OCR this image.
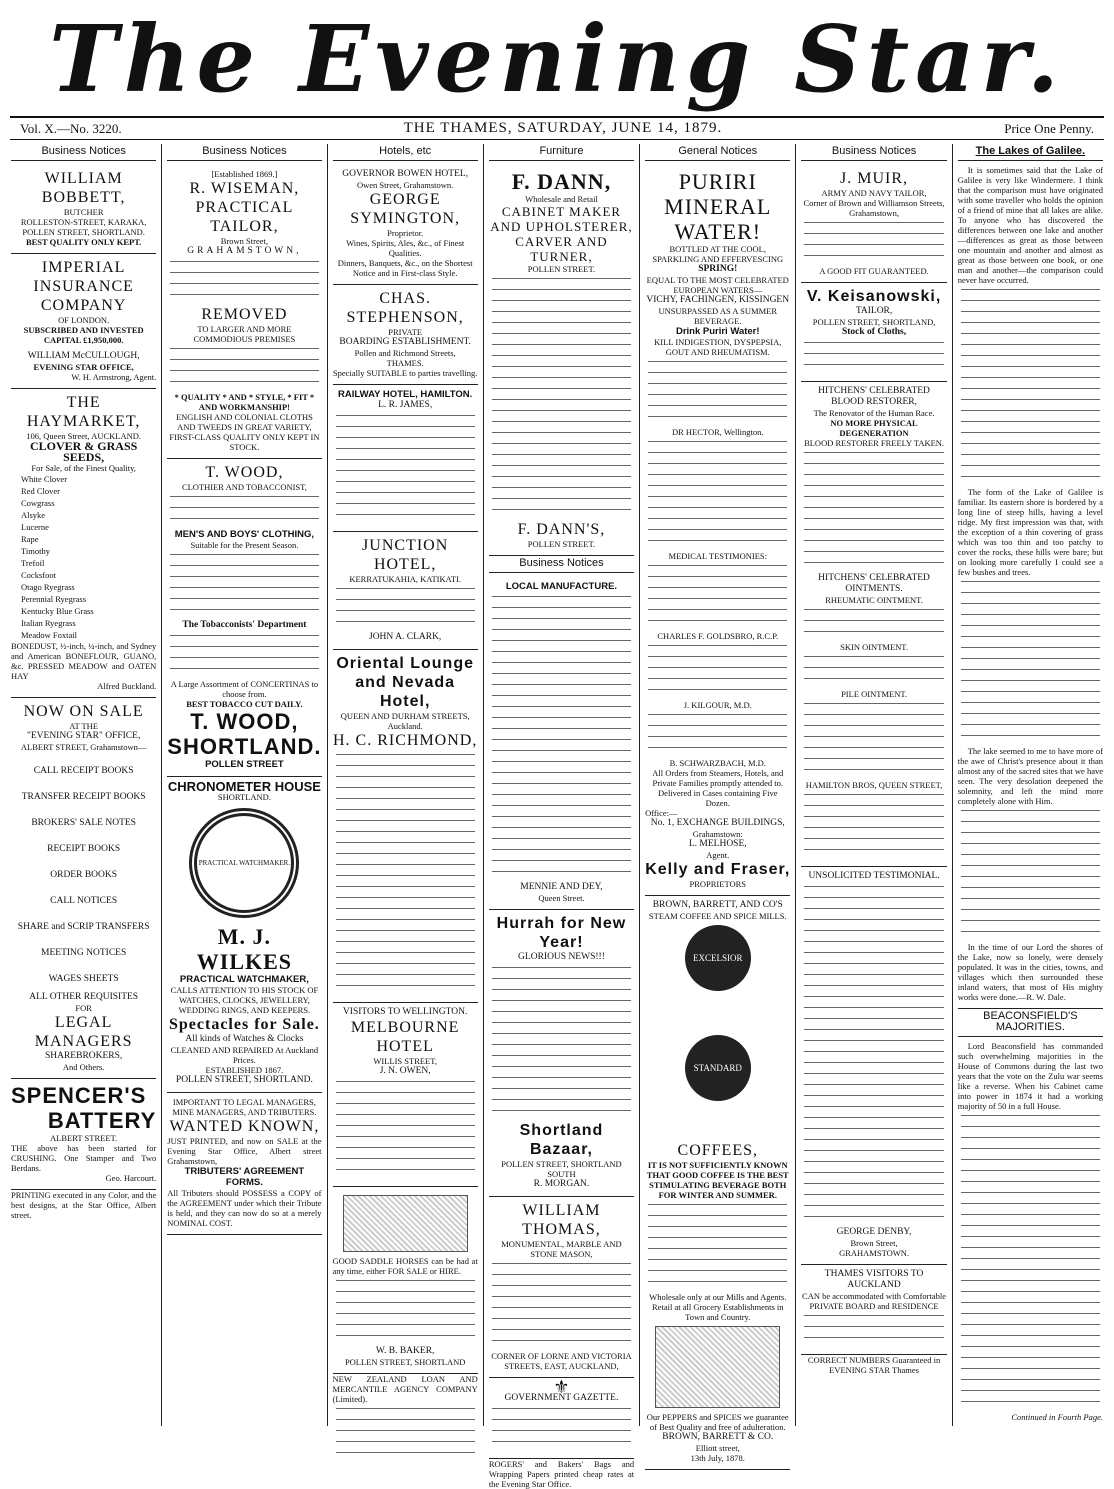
The Evening Star.
Vol. X.—No. 3220.	THE THAMES, SATURDAY, JUNE 14, 1879.	Price One Penny.
Business Notices
WILLIAM BOBBETT,
BUTCHER
ROLLESTON-STREET, KARAKA, POLLEN STREET, SHORTLAND.
BEST QUALITY ONLY KEPT.
IMPERIAL INSURANCE COMPANY
OF LONDON.
SUBSCRIBED AND INVESTED CAPITAL £1,950,000.
WILLIAM McCULLOUGH,
EVENING STAR OFFICE,
W. H. Armstrong, Agent.
THE HAYMARKET,
106, Queen Street, AUCKLAND.
CLOVER & GRASS SEEDS,
For Sale, of the Finest Quality,
White Clover
Red Clover
Cowgrass
Alsyke
Lucerne
Rape
Timothy
Trefoil
Cocksfoot
Otago Ryegrass
Perennial Ryegrass
Kentucky Blue Grass
Italian Ryegrass
Meadow Foxtail
BONEDUST, ½-inch, ¼-inch, and Sydney and American BONEFLOUR, GUANO, &c. PRESSED MEADOW and OATEN HAY
Alfred Buckland.
NOW ON SALE
AT THE
"EVENING STAR" OFFICE,
ALBERT STREET, Grahamstown—
CALL RECEIPT BOOKS
TRANSFER RECEIPT BOOKS
BROKERS' SALE NOTES
RECEIPT BOOKS
ORDER BOOKS
CALL NOTICES
SHARE and SCRIP TRANSFERS
MEETING NOTICES
WAGES SHEETS
ALL OTHER REQUISITES
FOR
LEGAL MANAGERS
SHAREBROKERS,
And Others.
SPENCER'S
BATTERY
ALBERT STREET.
THE above has been started for CRUSHING. One Stamper and Two Berdans.
Geo. Harcourt.
PRINTING executed in any Color, and the best designs, at the Star Office, Albert street.
Business Notices
[Established 1869.]
R. WISEMAN,
PRACTICAL TAILOR,
Brown Street,
GRAHAMSTOWN,
REMOVED
TO LARGER AND MORE COMMODIOUS PREMISES
* QUALITY * AND * STYLE, * FIT * AND WORKMANSHIP!
ENGLISH AND COLONIAL CLOTHS AND TWEEDS IN GREAT VARIETY,
FIRST-CLASS QUALITY ONLY KEPT IN STOCK.
T. WOOD,
CLOTHIER AND TOBACCONIST,
MEN'S AND BOYS' CLOTHING,
Suitable for the Present Season.
The Tobacconists' Department
A Large Assortment of CONCERTINAS to choose from.
BEST TOBACCO CUT DAILY.
T. WOOD, SHORTLAND.
POLLEN STREET
CHRONOMETER HOUSE
SHORTLAND.
PRACTICAL WATCHMAKER.
M. J. WILKES
PRACTICAL WATCHMAKER,
CALLS ATTENTION TO HIS STOCK OF WATCHES, CLOCKS, JEWELLERY, WEDDING RINGS, AND KEEPERS.
Spectacles for Sale.
All kinds of Watches & Clocks
CLEANED AND REPAIRED At Auckland Prices.
ESTABLISHED 1867.
POLLEN STREET, SHORTLAND.
IMPORTANT TO LEGAL MANAGERS, MINE MANAGERS, AND TRIBUTERS.
WANTED KNOWN,
JUST PRINTED, and now on SALE at the Evening Star Office, Albert street Grahamstown,
TRIBUTERS' AGREEMENT FORMS.
All Tributers should POSSESS a COPY of the AGREEMENT under which their Tribute is held, and they can now do so at a merely NOMINAL COST.
Hotels, etc
GOVERNOR BOWEN HOTEL,
Owen Street, Grahamstown.
GEORGE SYMINGTON,
Proprietor.
Wines, Spirits, Ales, &c., of Finest Qualities.
Dinners, Banquets, &c., on the Shortest Notice and in First-class Style.
CHAS. STEPHENSON,
PRIVATE
BOARDING ESTABLISHMENT.
Pollen and Richmond Streets,
THAMES.
Specially SUITABLE to parties travelling.
RAILWAY HOTEL, HAMILTON.
L. R. JAMES,
JUNCTION HOTEL,
KERRATUKAHIA, KATIKATI.
JOHN A. CLARK,
Oriental Lounge and Nevada Hotel,
QUEEN AND DURHAM STREETS,
Auckland.
H. C. RICHMOND,
VISITORS TO WELLINGTON.
MELBOURNE HOTEL
WILLIS STREET,
J. N. OWEN,
GOOD SADDLE HORSES can be had at any time, either FOR SALE or HIRE.
W. B. BAKER,
POLLEN STREET, SHORTLAND
NEW ZEALAND LOAN AND MERCANTILE AGENCY COMPANY (Limited).
Furniture
F. DANN,
Wholesale and Retail
CABINET MAKER AND UPHOLSTERER, CARVER AND TURNER,
POLLEN STREET.
F. DANN'S,
POLLEN STREET.
Business Notices
LOCAL MANUFACTURE.
MENNIE AND DEY,
Queen Street.
Hurrah for New Year!
GLORIOUS NEWS!!!
Shortland Bazaar,
POLLEN STREET, SHORTLAND SOUTH
R. MORGAN.
WILLIAM THOMAS,
MONUMENTAL, MARBLE AND STONE MASON,
CORNER OF LORNE AND VICTORIA STREETS, EAST, AUCKLAND,
⚜
GOVERNMENT GAZETTE.
ROGERS' and Bakers' Bags and Wrapping Papers printed cheap rates at the Evening Star Office.
General Notices
PURIRI MINERAL WATER!
BOTTLED AT THE COOL, SPARKLING AND EFFERVESCING
SPRING!
EQUAL TO THE MOST CELEBRATED EUROPEAN WATERS—
VICHY, FACHINGEN, KISSINGEN
UNSURPASSED AS A SUMMER BEVERAGE.
Drink Puriri Water!
KILL INDIGESTION, DYSPEPSIA, GOUT AND RHEUMATISM.
DR HECTOR, Wellington.
MEDICAL TESTIMONIES:
CHARLES F. GOLDSBRO, R.C.P.
J. KILGOUR, M.D.
B. SCHWARZBACH, M.D.
All Orders from Steamers, Hotels, and Private Families promptly attended to.
Delivered in Cases containing Five Dozen.
Office:—
No. 1, EXCHANGE BUILDINGS,
Grahamstown:
L. MELHOSE,
Agent.
Kelly and Fraser,
PROPRIETORS
BROWN, BARRETT, AND CO'S
STEAM COFFEE AND SPICE MILLS.
EXCELSIOR BRAND STANDARD BRAND
COFFEES,
IT IS NOT SUFFICIENTLY KNOWN THAT GOOD COFFEE IS THE BEST STIMULATING BEVERAGE BOTH FOR WINTER AND SUMMER.
Wholesale only at our Mills and Agents.
Retail at all Grocery Establishments in Town and Country.
Our PEPPERS and SPICES we guarantee of Best Quality and free of adulteration.
BROWN, BARRETT & CO.
Elliott street,
13th July, 1878.
Business Notices
J. MUIR,
ARMY AND NAVY TAILOR,
Corner of Brown and Williamson Streets, Grahamstown,
A GOOD FIT GUARANTEED.
V. Keisanowski,
TAILOR,
POLLEN STREET, SHORTLAND,
Stock of Cloths,
HITCHENS' CELEBRATED BLOOD RESTORER,
The Renovator of the Human Race.
NO MORE PHYSICAL DEGENERATION
BLOOD RESTORER FREELY TAKEN.
HITCHENS' CELEBRATED OINTMENTS.
RHEUMATIC OINTMENT.
SKIN OINTMENT.
PILE OINTMENT.
HAMILTON BROS, QUEEN STREET,
UNSOLICITED TESTIMONIAL.
GEORGE DENBY,
Brown Street,
GRAHAMSTOWN.
THAMES VISITORS TO AUCKLAND
CAN be accommodated with Comfortable PRIVATE BOARD and RESIDENCE
CORRECT NUMBERS Guaranteed in EVENING STAR Thames
The Lakes of Galilee.
It is sometimes said that the Lake of Galilee is very like Windermere. I think that the comparison must have originated with some traveller who holds the opinion of a friend of mine that all lakes are alike. To anyone who has discovered the differences between one lake and another—differences as great as those between one mountain and another and almost as great as those between one book, or one man and another—the comparison could never have occurred.
The form of the Lake of Galilee is familiar. Its eastern shore is bordered by a long line of steep hills, having a level ridge. My first impression was that, with the exception of a thin covering of grass which was too thin and too patchy to cover the rocks, these hills were bare; but on looking more carefully I could see a few bushes and trees.
The lake seemed to me to have more of the awe of Christ's presence about it than almost any of the sacred sites that we have seen. The very desolation deepened the solemnity, and left the mind more completely alone with Him.
In the time of our Lord the shores of the Lake, now so lonely, were densely populated. It was in the cities, towns, and villages which then surrounded these inland waters, that most of His mighty works were done.—R. W. Dale.
BEACONSFIELD'S MAJORITIES.
Lord Beaconsfield has commanded such overwhelming majorities in the House of Commons during the last two years that the vote on the Zulu war seems like a reverse. When his Cabinet came into power in 1874 it had a working majority of 50 in a full House.
Continued in Fourth Page.
